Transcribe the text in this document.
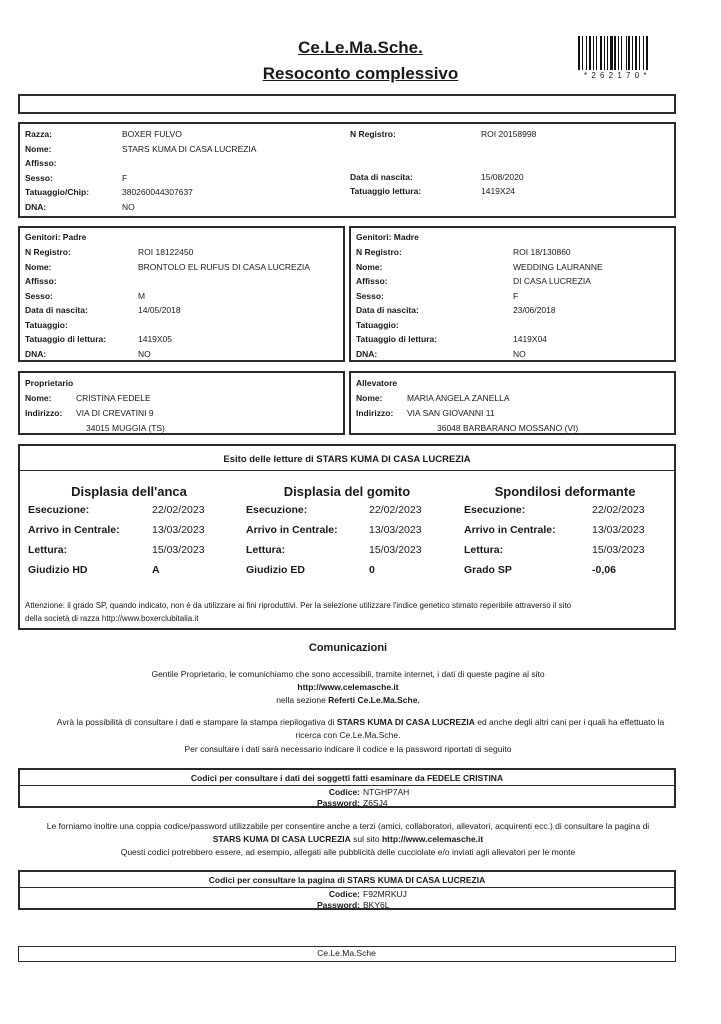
Ce.Le.Ma.Sche.
Resoconto complessivo	* 2 6 2 1 7 0 *
Razza:	BOXER FULVO
Nome:	STARS KUMA DI CASA LUCREZIA
Affisso:
Sesso:	F
Tatuaggio/Chip:	380260044307637
DNA:	NO
N Registro:	ROI 20158998
Data di nascita:	15/08/2020
Tatuaggio lettura:	1419X24
Genitori: Padre
N Registro:	ROI 18122450
Nome:	BRONTOLO EL RUFUS DI CASA LUCREZIA
Affisso:
Sesso:	M
Data di nascita:	14/05/2018
Tatuaggio:
Tatuaggio di lettura:	1419X05
DNA:	NO
Genitori: Madre
N Registro:	ROI 18/130860
Nome:	WEDDING LAURANNE
Affisso:	DI CASA LUCREZIA
Sesso:	F
Data di nascita:	23/06/2018
Tatuaggio:
Tatuaggio di lettura:	1419X04
DNA:	NO
Proprietario
Nome:	CRISTINA FEDELE
Indirizzo: VIA DI CREVATINI 9
34015 MUGGIA (TS)
Allevatore
Nome:	MARIA ANGELA ZANELLA
Indirizzo: VIA SAN GIOVANNI 11
36048 BARBARANO MOSSANO (VI)
Esito delle letture di STARS KUMA DI CASA LUCREZIA
Displasia dell'anca
Esecuzione:	22/02/2023
Arrivo in Centrale:	13/03/2023
Lettura:	15/03/2023
Giudizio HD	A
Displasia del gomito
Esecuzione:	22/02/2023
Arrivo in Centrale:	13/03/2023
Lettura:	15/03/2023
Giudizio ED	0
Spondilosi deformante
Esecuzione:	22/02/2023
Arrivo in Centrale:	13/03/2023
Lettura:	15/03/2023
Grado SP	-0,06
Attenzione: il grado SP, quando indicato, non è da utilizzare ai fini riproduttivi. Per la selezione utilizzare l'indice genetico stimato reperibile attraverso il sito
della società di razza http://www.boxerclubitalia.it
Comunicazioni
Gentile Proprietario, le comunichiamo che sono accessibili, tramite internet, i dati di queste pagine al sito
http://www.celemasche.it
nella sezione Referti Ce.Le.Ma.Sche.
Avrà la possibilità di consultare i dati e stampare la stampa riepilogativa di STARS KUMA DI CASA LUCREZIA ed anche degli altri cani per i quali ha effettuato la
ricerca con Ce.Le.Ma.Sche.
Per consultare i dati sarà necessario indicare il codice e la password riportati di seguito
Codici per consultare i dati dei soggetti fatti esaminare da FEDELE CRISTINA
Codice: NTGHP7AH
Password: Z6SJ4
Le forniamo inoltre una coppia codice/password utilizzabile per consentire anche a terzi (amici, collaboratori, allevatori, acquirenti ecc.) di consultare la pagina di
STARS KUMA DI CASA LUCREZIA sul sito http://www.celemasche.it
Questi codici potrebbero essere, ad esempio, allegati alle pubblicità delle cucciolate e/o inviati agli allevatori per le monte
Codici per consultare la pagina di STARS KUMA DI CASA LUCREZIA
Codice: F92MRKUJ
Password: BKY6L
Ce.Le.Ma.Sche
